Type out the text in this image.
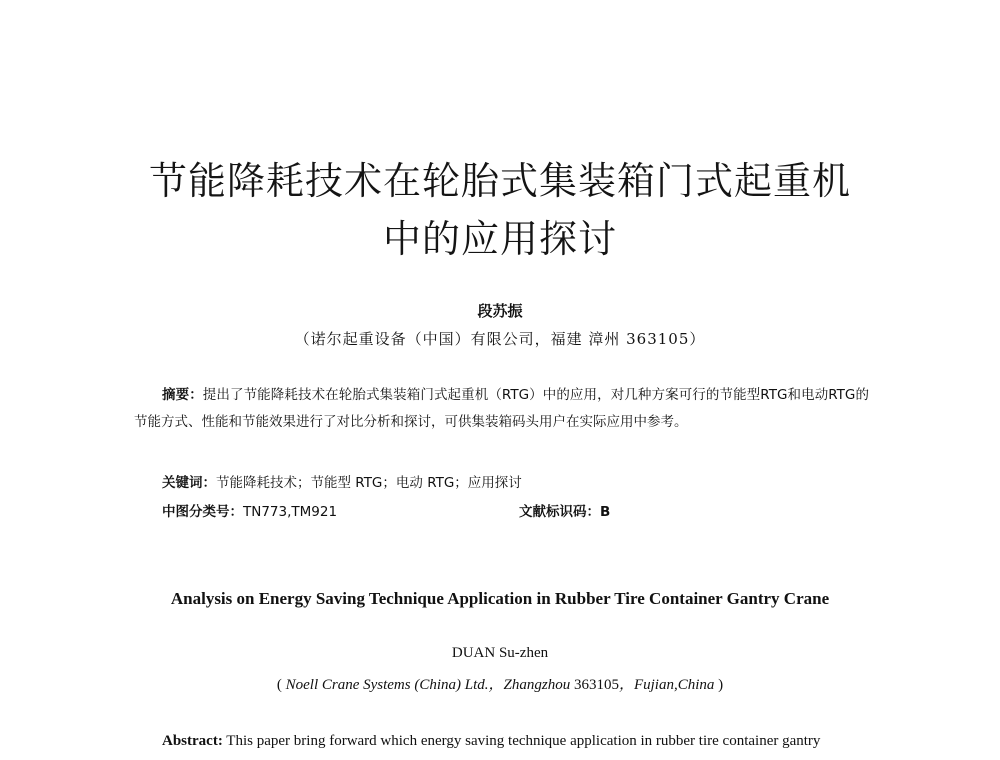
节能降耗技术在轮胎式集装箱门式起重机
中的应用探讨
段苏振
（诺尔起重设备（中国）有限公司，福建 漳州 363105）
摘要：提出了节能降耗技术在轮胎式集装箱门式起重机（RTG）中的应用，对几种方案可行的节能型RTG和电动RTG的节能方式、性能和节能效果进行了对比分析和探讨，可供集装箱码头用户在实际应用中参考。
关键词：节能降耗技术；节能型 RTG；电动 RTG；应用探讨
中图分类号：TN773,TM921	文献标识码：B
Analysis on Energy Saving Technique Application in Rubber Tire Container Gantry Crane
DUAN Su-zhen
( Noell Crane Systems (China) Ltd.，Zhangzhou 363105，Fujian,China )
Abstract: This paper bring forward which energy saving technique application in rubber tire container gantry
